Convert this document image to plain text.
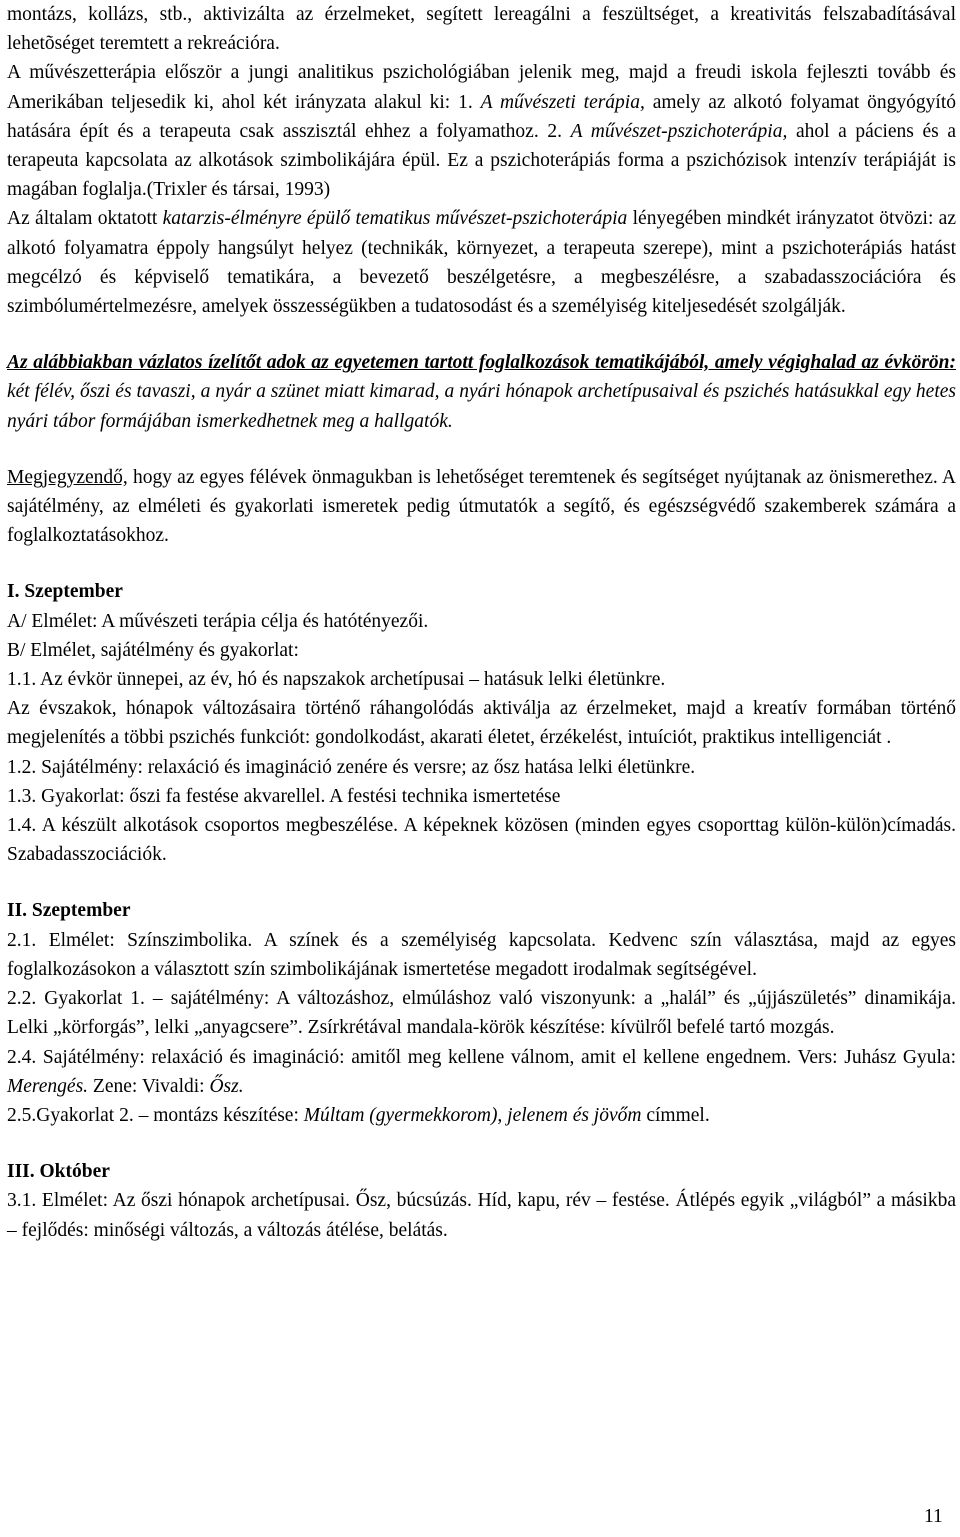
montázs, kollázs, stb., aktivizálta az érzelmeket, segített lereagálni a feszültséget, a kreativitás felszabadításával lehetõséget teremtett a rekreációra.

A művészetterápia először a jungi analitikus pszichológiában jelenik meg, majd a freudi iskola fejleszti tovább és Amerikában teljesedik ki, ahol két irányzata alakul ki: 1. A művészeti terápia, amely az alkotó folyamat öngyógyító hatására épít és a terapeuta csak asszisztál ehhez a folyamathoz. 2. A művészet-pszichoterápia, ahol a páciens és a terapeuta kapcsolata az alkotások szimbolikájára épül. Ez a pszichoterápiás forma a pszichózisok intenzív terápiáját is magában foglalja.(Trixler és társai, 1993)

Az általam oktatott katarzis-élményre épülő tematikus művészet-pszichoterápia lényegében mindkét irányzatot ötvözi: az alkotó folyamatra éppoly hangsúlyt helyez (technikák, környezet, a terapeuta szerepe), mint a pszichoterápiás hatást megcélzó és képviselő tematikára, a bevezető beszélgetésre, a megbeszélésre, a szabadasszociációra és szimbólumértelmezésre, amelyek összességükben a tudatosodást és a személyiség kiteljesedését szolgálják.

Az alábbiakban vázlatos ízelítőt adok az egyetemen tartott foglalkozások tematikájából, amely végighalad az évkörön: két félév, őszi és tavaszi, a nyár a szünet miatt kimarad, a nyári hónapok archetípusaival és pszichés hatásukkal egy hetes nyári tábor formájában ismerkedhetnek meg a hallgatók.

Megjegyzendő, hogy az egyes félévek önmagukban is lehetőséget teremtenek és segítséget nyújtanak az önismerethez. A sajátélmény, az elméleti és gyakorlati ismeretek pedig útmutatók a segítő, és egészségvédő szakemberek számára a foglalkoztatásokhoz.

I. Szeptember

A/ Elmélet: A művészeti terápia célja és hatótényezői.

B/ Elmélet, sajátélmény és gyakorlat:

1.1. Az évkör ünnepei, az év, hó és napszakok archetípusai – hatásuk lelki életünkre.

Az évszakok, hónapok változásaira történő ráhangolódás aktiválja az érzelmeket, majd a kreatív formában történő megjelenítés a többi pszichés funkciót: gondolkodást, akarati életet, érzékelést, intuíciót, praktikus intelligenciát .

1.2. Sajátélmény: relaxáció és imagináció zenére és versre; az ősz hatása lelki életünkre.

1.3. Gyakorlat: őszi fa festése akvarellel. A festési technika ismertetése

1.4. A készült alkotások csoportos megbeszélése. A képeknek közösen (minden egyes csoporttag külön-külön)címadás. Szabadasszociációk.

II. Szeptember

2.1. Elmélet: Színszimbolika. A színek és a személyiség kapcsolata. Kedvenc szín választása, majd az egyes foglalkozásokon a választott szín szimbolikájának ismertetése megadott irodalmak segítségével.

2.2. Gyakorlat 1. – sajátélmény: A változáshoz, elmúláshoz való viszonyunk: a „halál” és „újjászületés” dinamikája. Lelki „körforgás”, lelki „anyagcsere”. Zsírkrétával mandala-körök készítése: kívülről befelé tartó mozgás.

2.4. Sajátélmény: relaxáció és imagináció: amitől meg kellene válnom, amit el kellene engednem. Vers: Juhász Gyula: Merengés. Zene: Vivaldi: Ősz.

2.5.Gyakorlat 2. – montázs készítése: Múltam (gyermekkorom), jelenem és jövőm címmel.

III. Október

3.1. Elmélet: Az őszi hónapok archetípusai. Ősz, búcsúzás. Híd, kapu, rév – festése. Átlépés egyik „világból” a másikba – fejlődés: minőségi változás, a változás átélése, belátás.

11
